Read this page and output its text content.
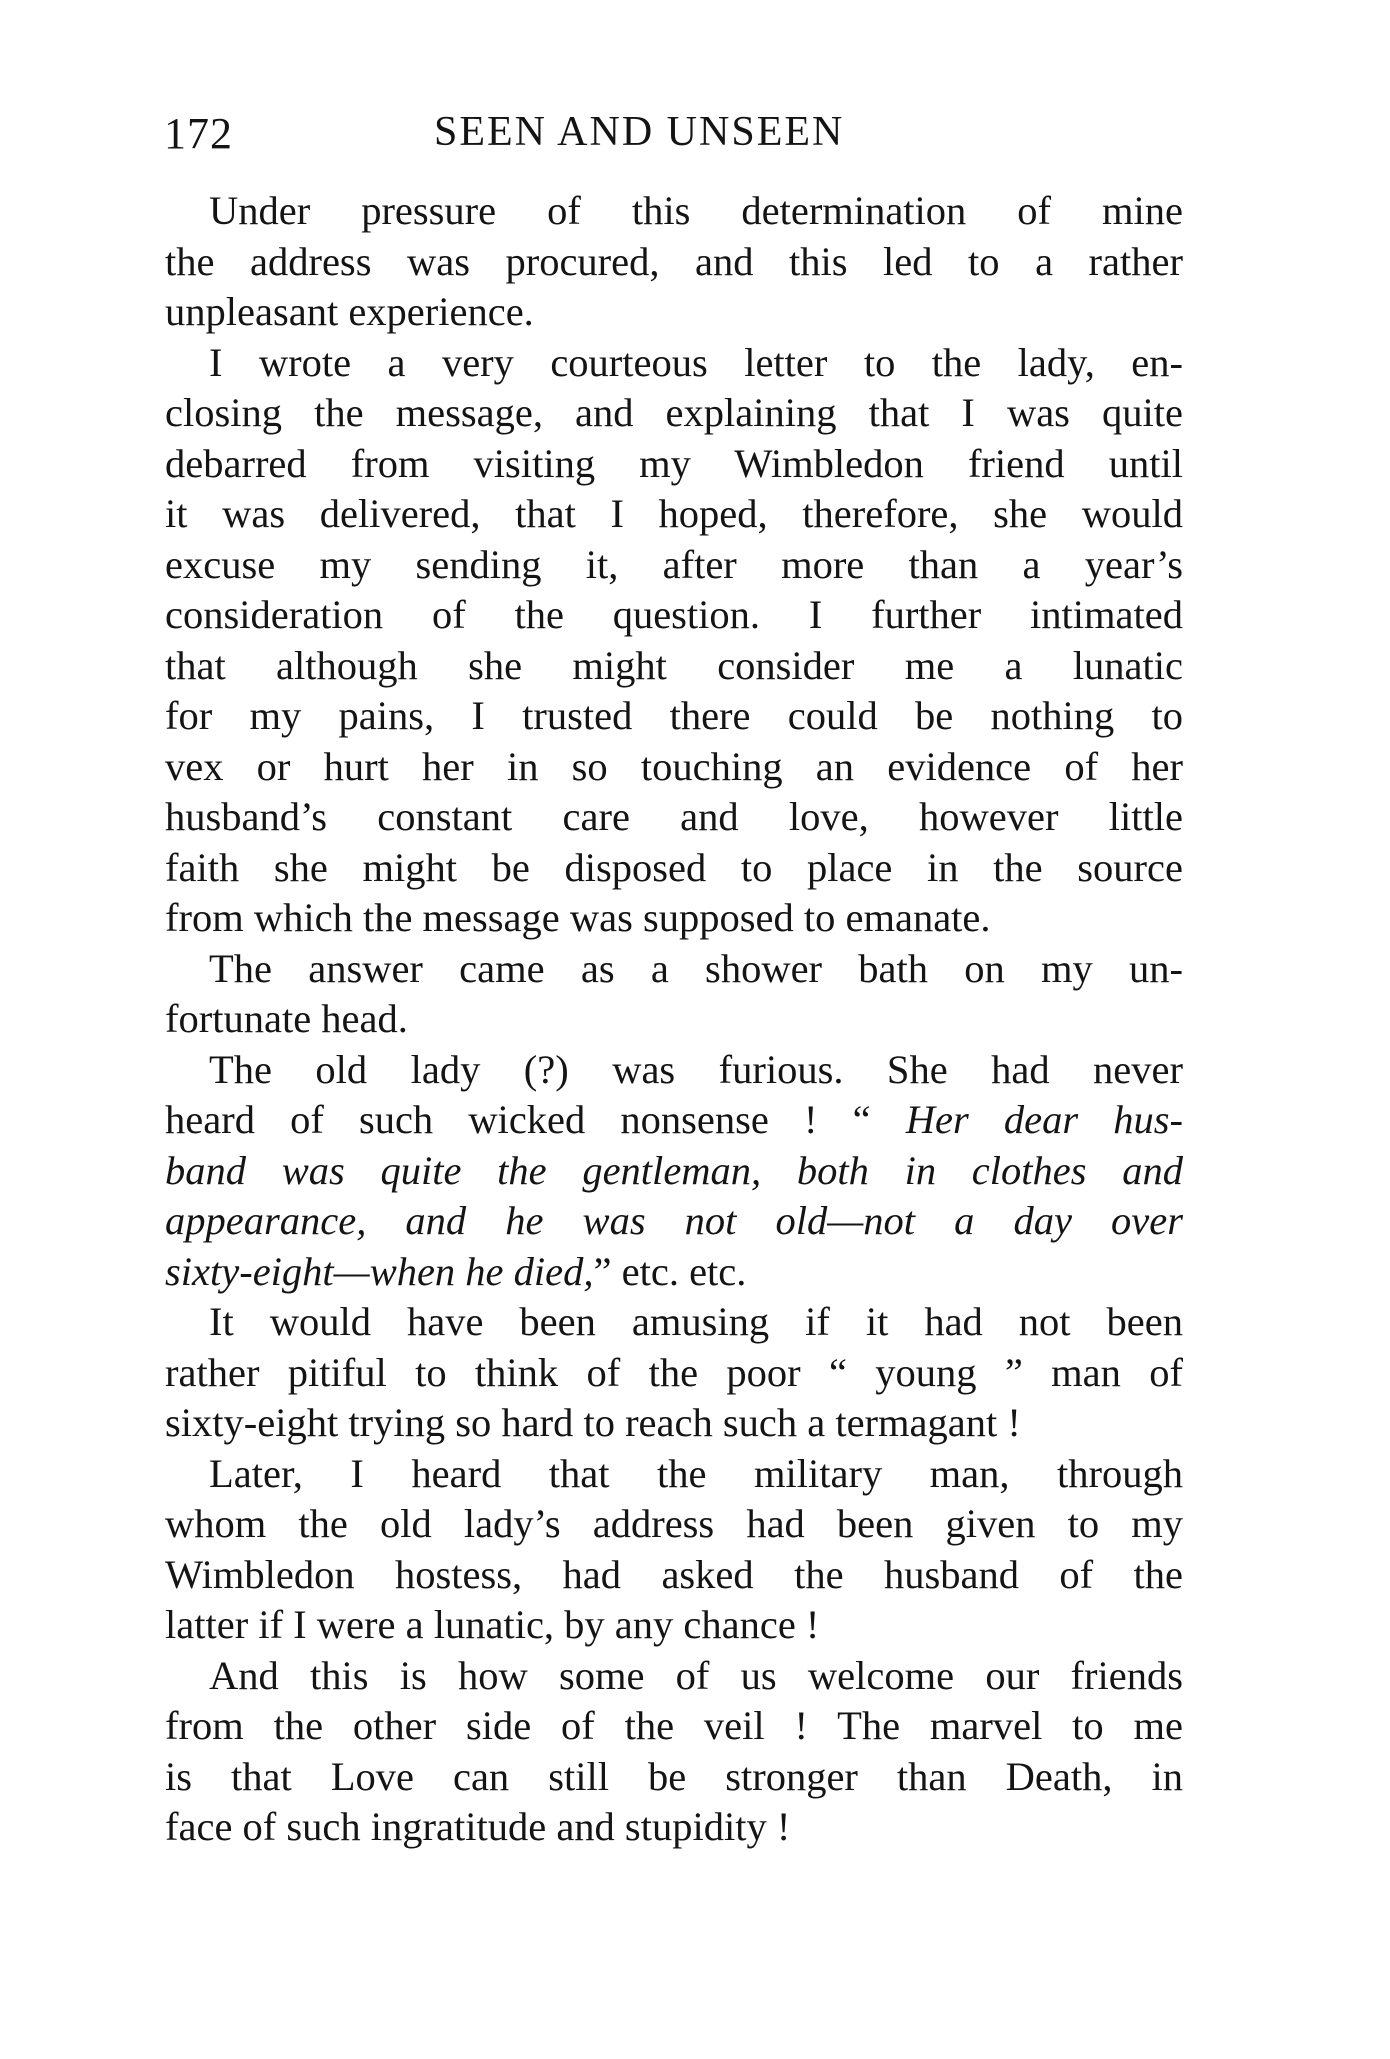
172	SEEN AND UNSEEN
Under pressure of this determination of mine
the address was procured, and this led to a rather
unpleasant experience.
I wrote a very courteous letter to the lady, en-
closing the message, and explaining that I was quite
debarred from visiting my Wimbledon friend until
it was delivered, that I hoped, therefore, she would
excuse my sending it, after more than a year’s
consideration of the question. I further intimated
that although she might consider me a lunatic
for my pains, I trusted there could be nothing to
vex or hurt her in so touching an evidence of her
husband’s constant care and love, however little
faith she might be disposed to place in the source
from which the message was supposed to emanate.
The answer came as a shower bath on my un-
fortunate head.
The old lady (?) was furious. She had never
heard of such wicked nonsense ! “ Her dear hus-
band was quite the gentleman, both in clothes and
appearance, and he was not old—not a day over
sixty-eight—when he died,” etc. etc.
It would have been amusing if it had not been
rather pitiful to think of the poor “ young ” man of
sixty-eight trying so hard to reach such a termagant !
Later, I heard that the military man, through
whom the old lady’s address had been given to my
Wimbledon hostess, had asked the husband of the
latter if I were a lunatic, by any chance !
And this is how some of us welcome our friends
from the other side of the veil ! The marvel to me
is that Love can still be stronger than Death, in
face of such ingratitude and stupidity !
